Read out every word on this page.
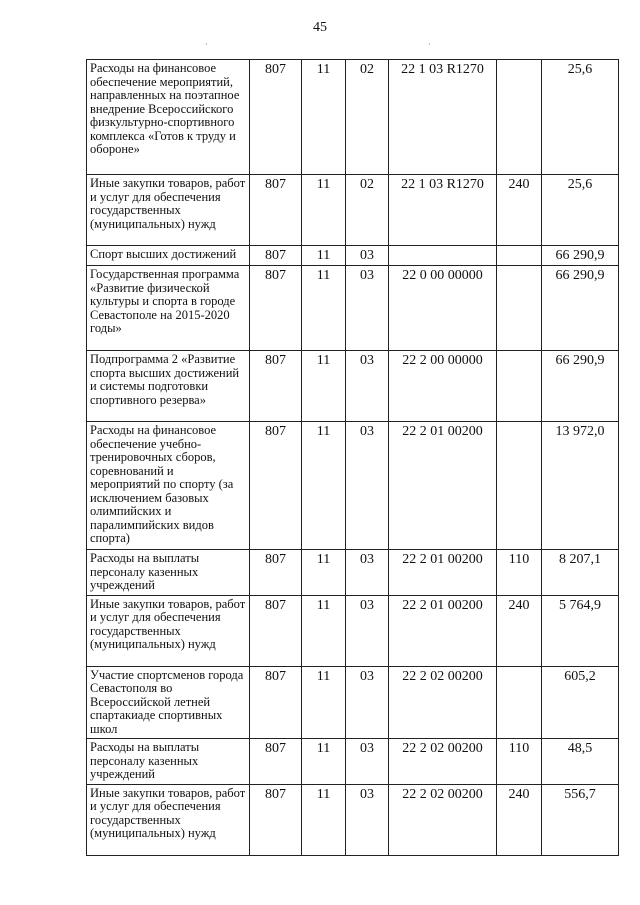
45
Расходы на финансовое обеспечение мероприятий, направленных на поэтапное внедрение Всероссийского физкультурно-спортивного комплекса «Готов к труду и обороне»	807	11	02	22 1 03 R1270		25,6
Иные закупки товаров, работ и услуг для обеспечения государственных (муниципальных) нужд	807	11	02	22 1 03 R1270	240	25,6
Спорт высших достижений	807	11	03			66 290,9
Государственная программа «Развитие физической культуры и спорта в городе Севастополе на 2015-2020 годы»	807	11	03	22 0 00 00000		66 290,9
Подпрограмма 2 «Развитие спорта высших достижений и системы подготовки спортивного резерва»	807	11	03	22 2 00 00000		66 290,9
Расходы на финансовое обеспечение учебно-тренировочных сборов, соревнований и мероприятий по спорту (за исключением базовых олимпийских и паралимпийских видов спорта)	807	11	03	22 2 01 00200		13 972,0
Расходы на выплаты персоналу казенных учреждений	807	11	03	22 2 01 00200	110	8 207,1
Иные закупки товаров, работ и услуг для обеспечения государственных (муниципальных) нужд	807	11	03	22 2 01 00200	240	5 764,9
Участие спортсменов города Севастополя во Всероссийской летней спартакиаде спортивных школ	807	11	03	22 2 02 00200		605,2
Расходы на выплаты персоналу казенных учреждений	807	11	03	22 2 02 00200	110	48,5
Иные закупки товаров, работ и услуг для обеспечения государственных (муниципальных) нужд	807	11	03	22 2 02 00200	240	556,7
·	·
